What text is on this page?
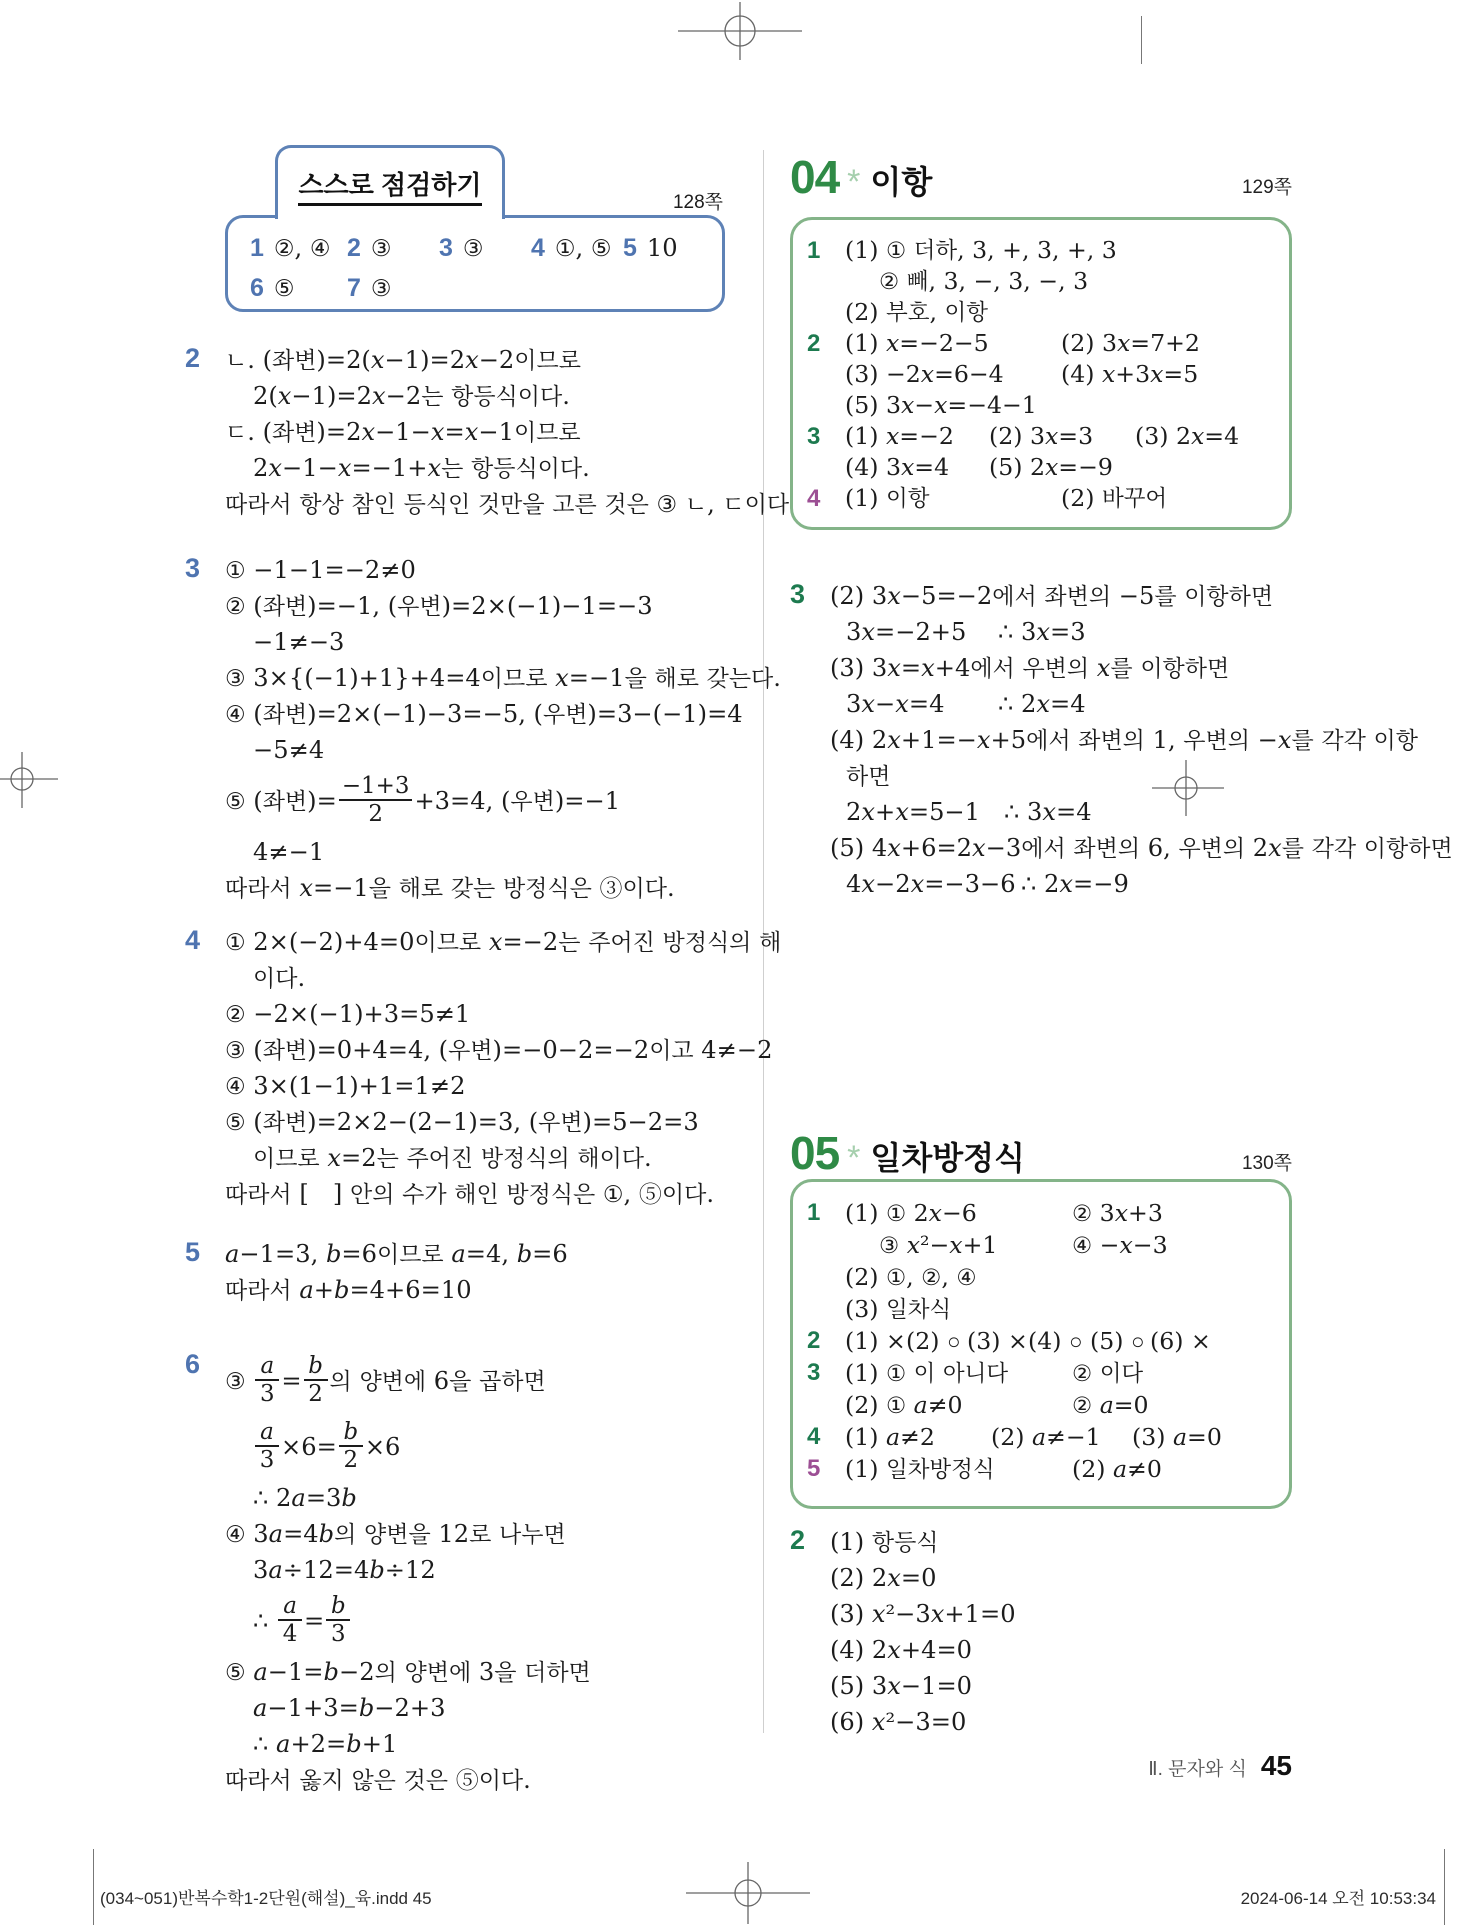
스스로 점검하기
128쪽
1 ②, ④ 2 ③ 3 ③ 4 ①, ⑤ 5 10
6 ⑤ 7 ③
2 ㄴ. (좌변)=2(x−1)=2x−2이므로
2(x−1)=2x−2는 항등식이다.
ㄷ. (좌변)=2x−1−x=x−1이므로
2x−1−x=−1+x는 항등식이다.
따라서 항상 참인 등식인 것만을 고른 것은 ③ ㄴ, ㄷ이다
3 ① −1−1=−2≠0
② (좌변)=−1, (우변)=2×(−1)−1=−3
−1≠−3
③ 3×{(−1)+1}+4=4이므로 x=−1을 해로 갖는다.
④ (좌변)=2×(−1)−3=−5, (우변)=3−(−1)=4
−5≠4
⑤ (좌변)= $\frac{-1+3}{2} +3=4$, (우변)=−1
4≠−1
따라서 x=−1을 해로 갖는 방정식은 ③이다.
4 ① 2×(−2)+4=0이므로 x=−2는 주어진 방정식의 해
이다.
② −2×(−1)+3=5≠1
③ (좌변)=0+4=4, (우변)=−0−2=−2이고 4≠−2
④ 3×(1−1)+1=1≠2
⑤ (좌변)=2×2−(2−1)=3, (우변)=5−2=3
이므로 x=2는 주어진 방정식의 해이다.
따라서 [　] 안의 수가 해인 방정식은 ①, ⑤이다.
5 a−1=3, b=6이므로 a=4, b=6
따라서 a+b=4+6=10
6
③ $\frac{a}{3} = \frac{b}{2}$ 의 양변에 6을 곱하면
$\frac{a}{3} \times 6= \frac{b}{2} \times 6$
∴ 2a=3b
④ 3a=4b의 양변을 12로 나누면
3a÷12=4b÷12
∴ $\frac{a}{4} = \frac{b}{3}$
⑤ a−1=b−2의 양변에 3을 더하면
a−1+3=b−2+3
∴ a+2=b+1
따라서 옳지 않은 것은 ⑤이다.
04 * 이항	129쪽
1	(1) ① 더하, 3, +, 3, +, 3
② 빼, 3, −, 3, −, 3
(2) 부호, 이항
2	(1) x=−2−5	(2) 3x=7+2
(3) −2x=6−4 (4) x+3x=5
(5) 3x−x=−4−1
3	(1) x=−2 (2) 3x=3 (3) 2x=4
(4) 3x=4 (5) 2x=−9
4	(1) 이항	(2) 바꾸어
3 (2) 3x−5=−2에서 좌변의 −5를 이항하면
3x=−2+5 ∴ 3x=3
(3) 3x=x+4에서 우변의 x를 이항하면
3x−x=4 ∴ 2x=4
(4) 2x+1=−x+5에서 좌변의 1, 우변의 −x를 각각 이항
하면
2x+x=5−1 ∴ 3x=4
(5) 4x+6=2x−3에서 좌변의 6, 우변의 2x를 각각 이항하면
4x−2x=−3−6 ∴ 2x=−9
05 * 일차방정식	130쪽
1	(1) ① 2x−6	② 3x+3
③ x²−x+1	④ −x−3
(2) ①, ②, ④
(3) 일차식
2	(1) ×(2) ○ (3) ×(4) ○ (5) ○ (6) ×
3	(1) ① 이 아니다	② 이다
(2) ① a≠0	② a=0
4	(1) a≠2 (2) a≠−1 (3) a=0
5	(1) 일차방정식	(2) a≠0
2 (1) 항등식
(2) 2x=0
(3) x²−3x+1=0
(4) 2x+4=0
(5) 3x−1=0
(6) x²−3=0
Ⅱ. 문자와 식 45
(034~051)반복수학1-2단원(해설)_육.indd 45	2024-06-14 오전 10:53:34
